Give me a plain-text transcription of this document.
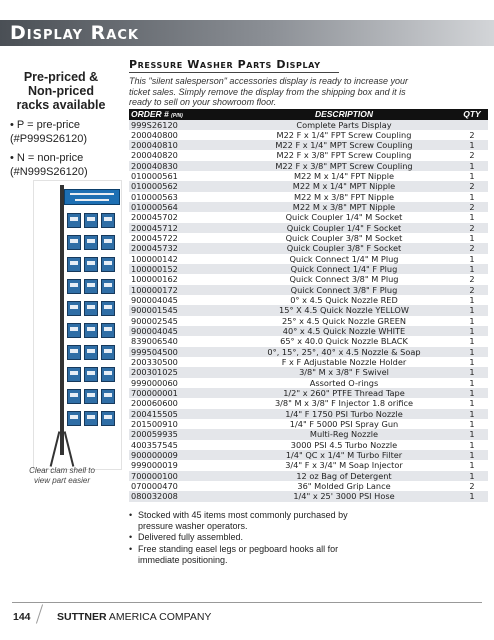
Display Rack
Pre-priced &
Non-priced
racks available
• P = pre-price
(#P999S26120)
• N = non-price
(#N999S26120)
Clear clam shell to
view part easier
Pressure Washer Parts Display
This "silent salesperson" accessories display is ready to increase your
ticket sales. Simply remove the display from the shipping box and it is
ready to sell on your showroom floor.
ORDER # (P/N)	DESCRIPTION	QTY
999S26120	Complete Parts Display
200040800	M22 F x 1/4" FPT Screw Coupling	2
200040810	M22 F x 1/4" MPT Screw Coupling	1
200040820	M22 F x 3/8" FPT Screw Coupling	2
200040830	M22 F x 3/8" MPT Screw Coupling	1
010000561	M22 M x 1/4" FPT Nipple	1
010000562	M22 M x 1/4" MPT Nipple	2
010000563	M22 M x 3/8" FPT Nipple	1
010000564	M22 M x 3/8" MPT Nipple	2
200045702	Quick Coupler 1/4" M Socket	1
200045712	Quick Coupler 1/4" F Socket	2
200045722	Quick Coupler 3/8" M Socket	1
200045732	Quick Coupler 3/8" F Socket	2
100000142	Quick Connect 1/4" M Plug	1
100000152	Quick Connect 1/4" F Plug	1
100000162	Quick Connect 3/8" M Plug	2
100000172	Quick Connect 3/8" F Plug	2
900004045	0° x 4.5 Quick Nozzle RED	1
900001545	15° X 4.5 Quick Nozzle YELLOW	1
900002545	25° x 4.5 Quick Nozzle GREEN	1
900004045	40° x 4.5 Quick Nozzle WHITE	1
839006540	65° x 40.0 Quick Nozzle BLACK	1
999504500	0°, 15°, 25°, 40° x 4.5 Nozzle & Soap	1
200330500	F x F Adjustable Nozzle Holder	1
200301025	3/8" M x 3/8" F Swivel	1
999000060	Assorted O-rings	1
700000001	1/2" x 260" PTFE Thread Tape	1
200060600	3/8" M x 3/8" F Injector 1.8 orifice	1
200415505	1/4" F 1750 PSI Turbo Nozzle	1
201500910	1/4" F 5000 PSI Spray Gun	1
200059935	Multi-Reg Nozzle	1
400357545	3000 PSI 4.5 Turbo Nozzle	1
900000009	1/4" QC x 1/4" M Turbo Filter	1
999000019	3/4" F x 3/4" M Soap Injector	1
700000100	12 oz Bag of Detergent	1
070000470	36" Molded Grip Lance	2
080032008	1/4" x 25' 3000 PSI Hose	1
• Stocked with 45 items most commonly purchased by
pressure washer operators.
• Delivered fully assembled.
• Free standing easel legs or pegboard hooks all for
immediate positioning.
144	SUTTNER AMERICA COMPANY
